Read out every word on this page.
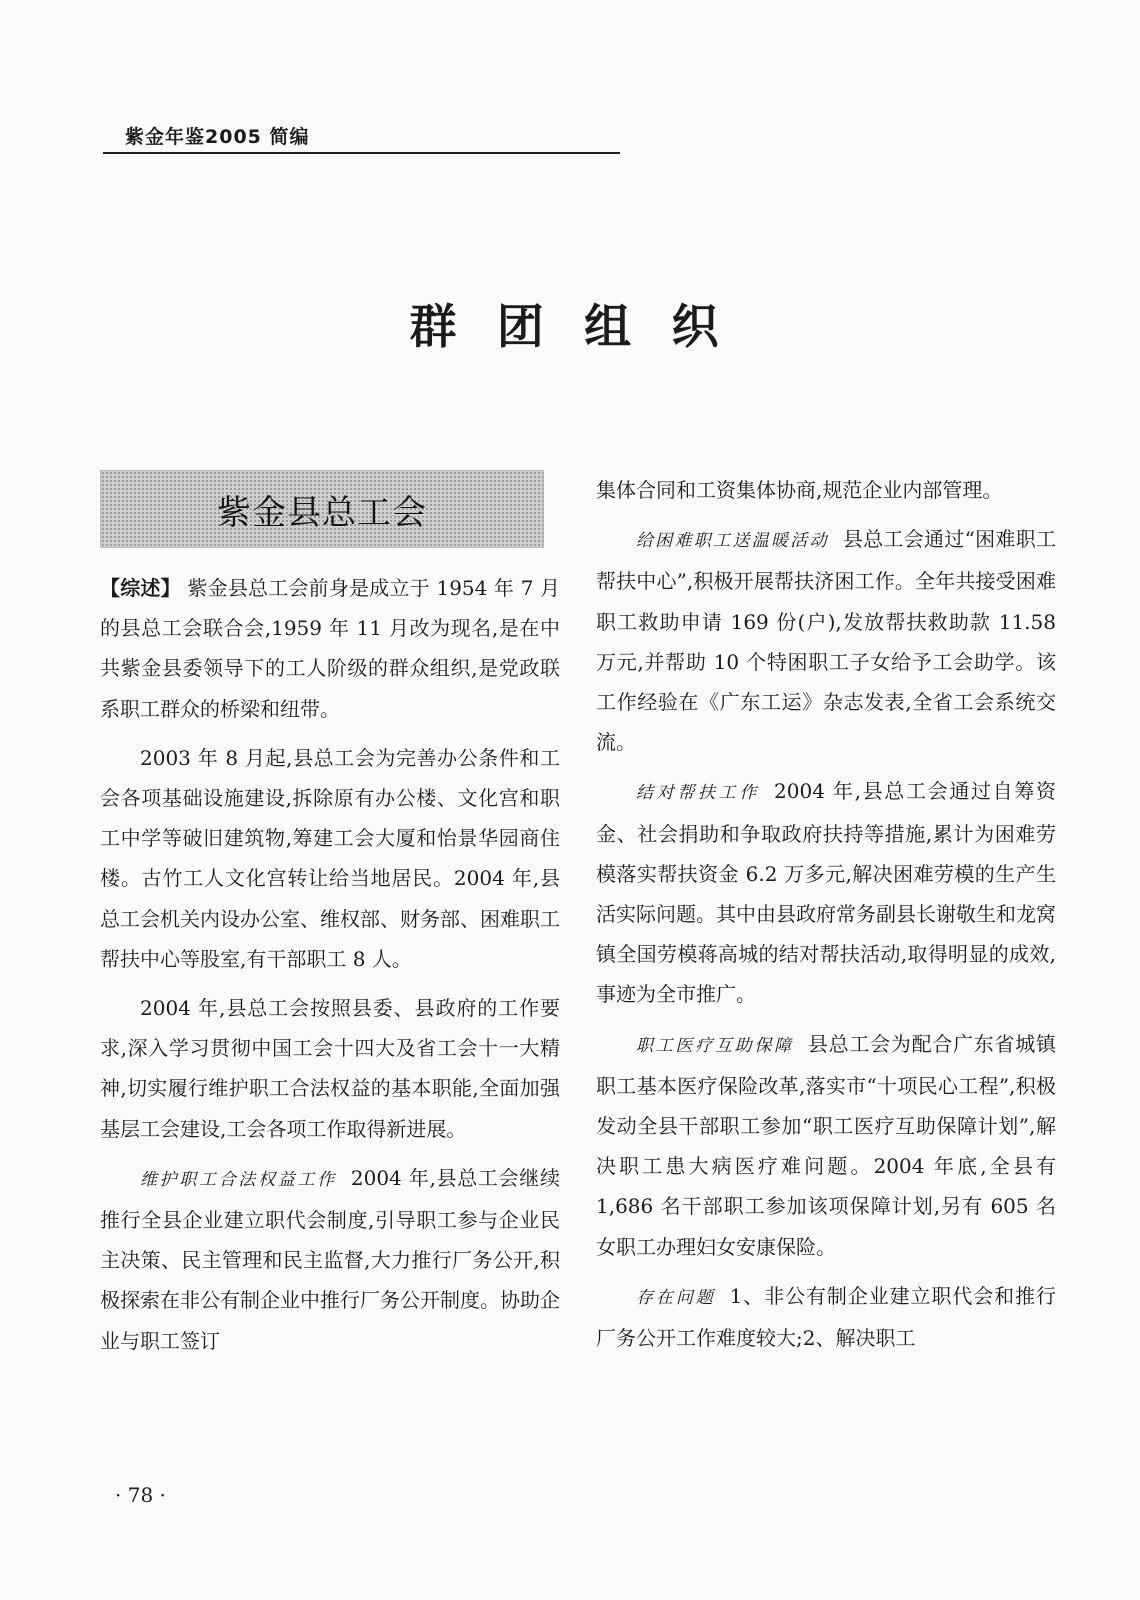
紫金年鉴2005 简编
群 团 组 织
紫金县总工会

【综述】 紫金县总工会前身是成立于 1954 年 7 月的县总工会联合会,1959 年 11 月改为现名,是在中共紫金县委领导下的工人阶级的群众组织,是党政联系职工群众的桥梁和纽带。

2003 年 8 月起,县总工会为完善办公条件和工会各项基础设施建设,拆除原有办公楼、文化宫和职工中学等破旧建筑物,筹建工会大厦和怡景华园商住楼。古竹工人文化宫转让给当地居民。2004 年,县总工会机关内设办公室、维权部、财务部、困难职工帮扶中心等股室,有干部职工 8 人。

2004 年,县总工会按照县委、县政府的工作要求,深入学习贯彻中国工会十四大及省工会十一大精神,切实履行维护职工合法权益的基本职能,全面加强基层工会建设,工会各项工作取得新进展。

维护职工合法权益工作 2004 年,县总工会继续推行全县企业建立职代会制度,引导职工参与企业民主决策、民主管理和民主监督,大力推行厂务公开,积极探索在非公有制企业中推行厂务公开制度。协助企业与职工签订

集体合同和工资集体协商,规范企业内部管理。

给困难职工送温暖活动 县总工会通过“困难职工帮扶中心”,积极开展帮扶济困工作。全年共接受困难职工救助申请 169 份(户),发放帮扶救助款 11.58 万元,并帮助 10 个特困职工子女给予工会助学。该工作经验在《广东工运》杂志发表,全省工会系统交流。

结对帮扶工作 2004 年,县总工会通过自筹资金、社会捐助和争取政府扶持等措施,累计为困难劳模落实帮扶资金 6.2 万多元,解决困难劳模的生产生活实际问题。其中由县政府常务副县长谢敬生和龙窝镇全国劳模蒋高城的结对帮扶活动,取得明显的成效,事迹为全市推广。

职工医疗互助保障 县总工会为配合广东省城镇职工基本医疗保险改革,落实市“十项民心工程”,积极发动全县干部职工参加“职工医疗互助保障计划”,解决职工患大病医疗难问题。2004 年底,全县有 1,686 名干部职工参加该项保障计划,另有 605 名女职工办理妇女安康保险。

存在问题 1、非公有制企业建立职代会和推行厂务公开工作难度较大;2、解决职工

· 78 ·
